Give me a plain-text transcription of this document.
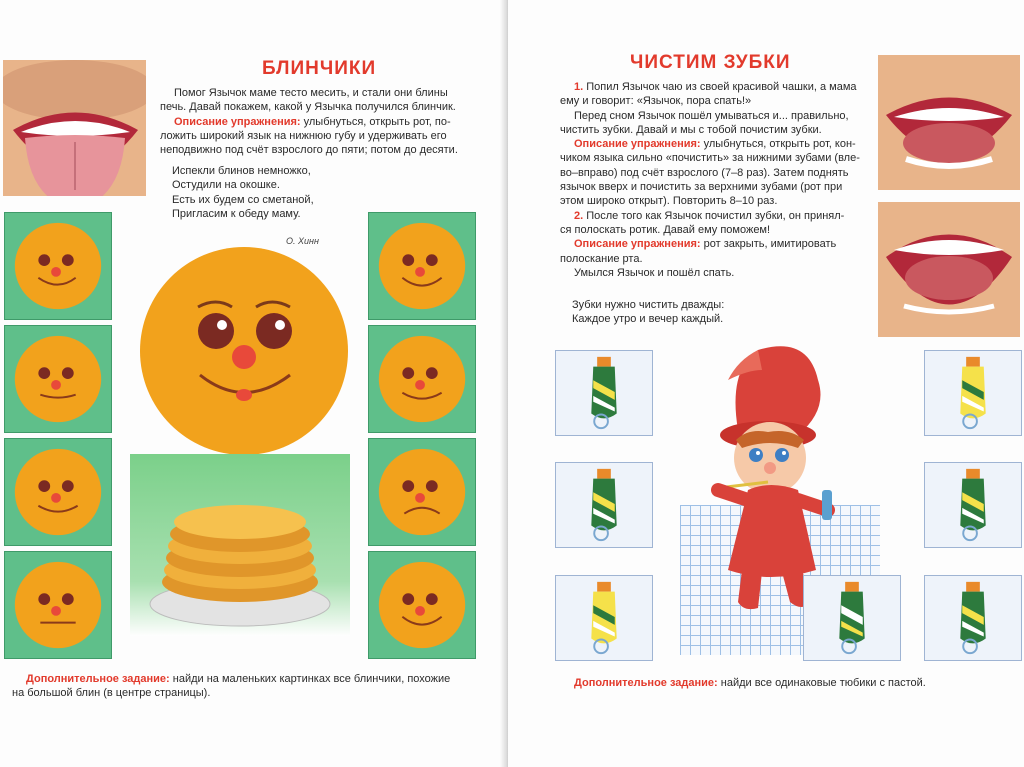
БЛИНЧИКИ

Помог Язычок маме тесто месить, и стали они блины

печь. Давай покажем, какой у Язычка получился блинчик.

Описание упражнения: улыбнуться, открыть рот, по-

ложить широкий язык на нижнюю губу и удерживать его

неподвижно под счёт взрослого до пяти; потом до десяти.

Испекли блинов немножко,

Остудили на окошке.

Есть их будем со сметаной,

Пригласим к обеду маму.

О. Хинн

Дополнительное задание: найди на маленьких картинках все блинчики, похожие

на большой блин (в центре страницы).

ЧИСТИМ ЗУБКИ

1. Попил Язычок чаю из своей красивой чашки, а мама

ему и говорит: «Язычок, пора спать!»

Перед сном Язычок пошёл умываться и... правильно,

чистить зубки. Давай и мы с тобой почистим зубки.

Описание упражнения: улыбнуться, открыть рот, кон-

чиком языка сильно «почистить» за нижними зубами (вле-

во–вправо) под счёт взрослого (7–8 раз). Затем поднять

язычок вверх и почистить за верхними зубами (рот при

этом широко открыт). Повторить 8–10 раз.

2. После того как Язычок почистил зубки, он принял-

ся полоскать ротик. Давай ему поможем!

Описание упражнения: рот закрыть, имитировать

полоскание рта.

Умылся Язычок и пошёл спать.

Зубки нужно чистить дважды:

Каждое утро и вечер каждый.

Дополнительное задание: найди все одинаковые тюбики с пастой.
